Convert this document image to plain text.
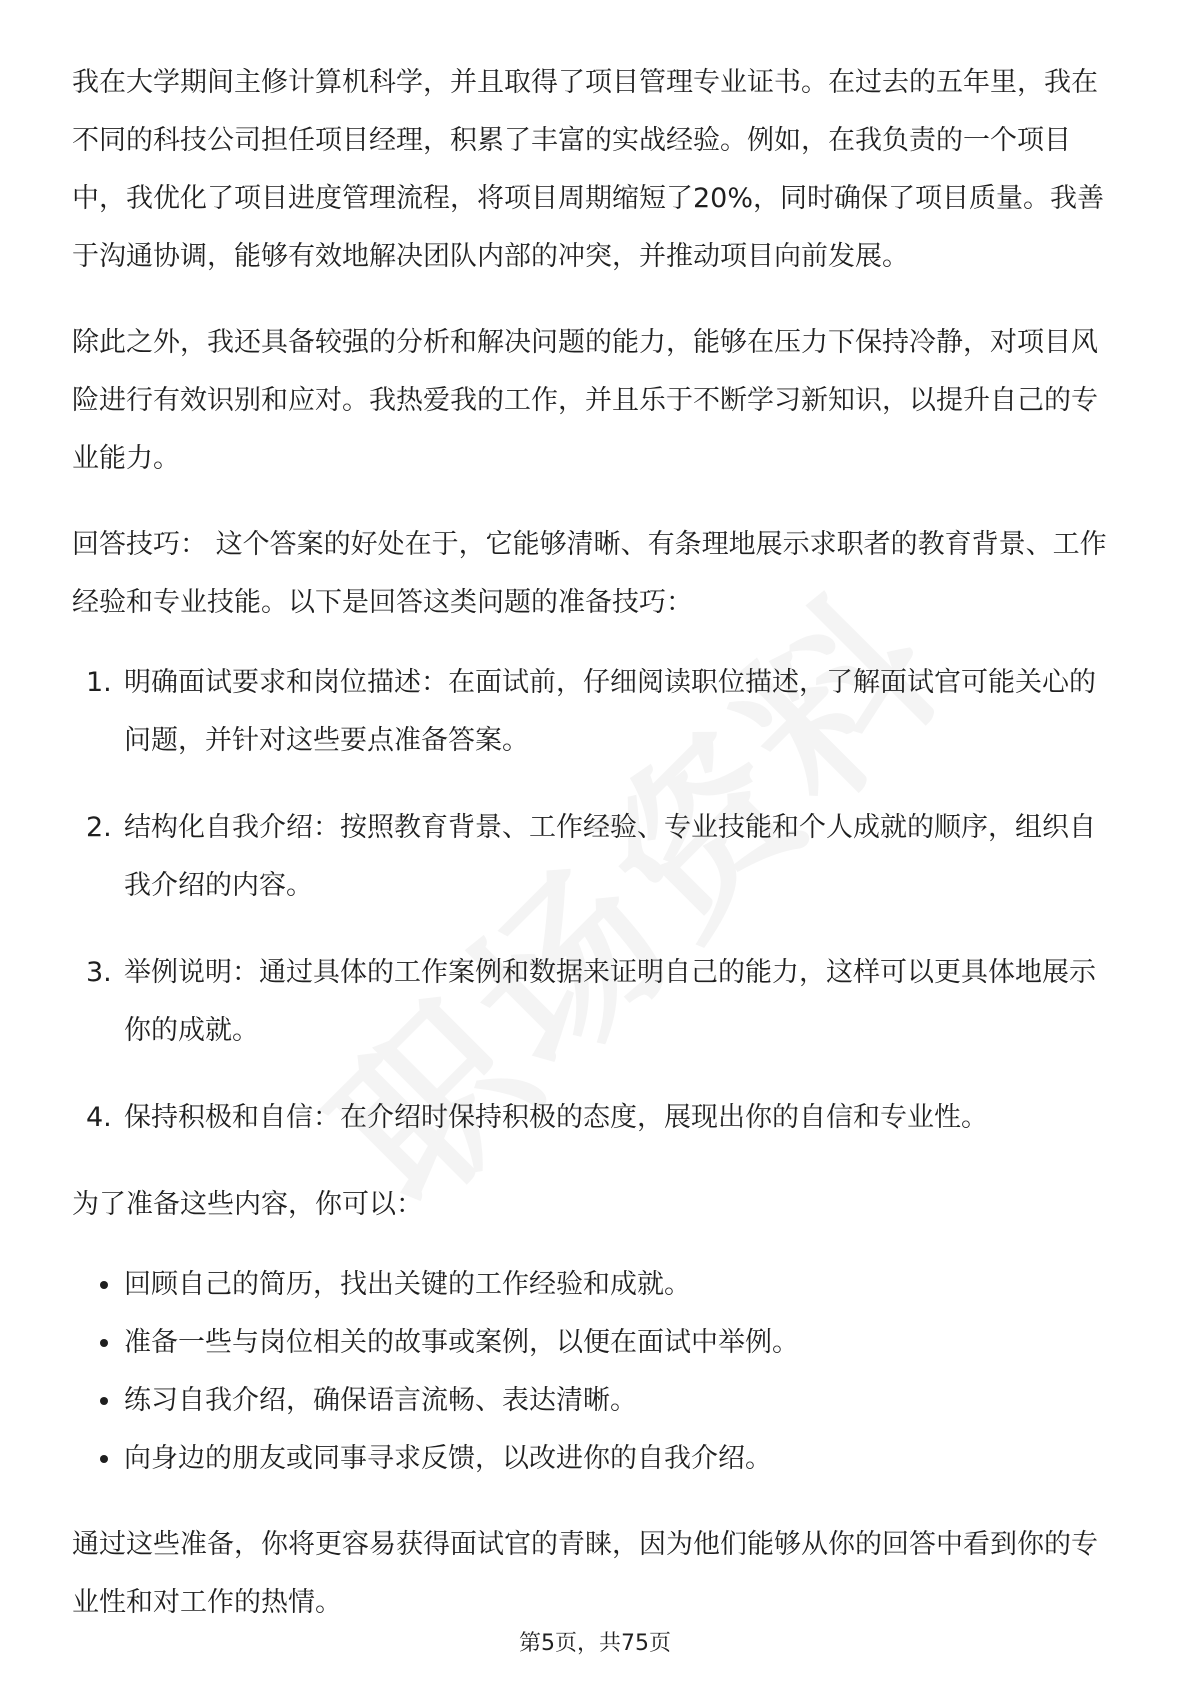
我在大学期间主修计算机科学，并且取得了项目管理专业证书。在过去的五年里，我在不同的科技公司担任项目经理，积累了丰富的实战经验。例如，在我负责的一个项目中，我优化了项目进度管理流程，将项目周期缩短了20%，同时确保了项目质量。我善于沟通协调，能够有效地解决团队内部的冲突，并推动项目向前发展。

除此之外，我还具备较强的分析和解决问题的能力，能够在压力下保持冷静，对项目风险进行有效识别和应对。我热爱我的工作，并且乐于不断学习新知识，以提升自己的专业能力。

回答技巧： 这个答案的好处在于，它能够清晰、有条理地展示求职者的教育背景、工作经验和专业技能。以下是回答这类问题的准备技巧：

1. 明确面试要求和岗位描述：在面试前，仔细阅读职位描述，了解面试官可能关心的问题，并针对这些要点准备答案。
2. 结构化自我介绍：按照教育背景、工作经验、专业技能和个人成就的顺序，组织自我介绍的内容。
3. 举例说明：通过具体的工作案例和数据来证明自己的能力，这样可以更具体地展示你的成就。
4. 保持积极和自信：在介绍时保持积极的态度，展现出你的自信和专业性。

为了准备这些内容，你可以：

回顾自己的简历，找出关键的工作经验和成就。
准备一些与岗位相关的故事或案例，以便在面试中举例。
练习自我介绍，确保语言流畅、表达清晰。
向身边的朋友或同事寻求反馈，以改进你的自我介绍。

通过这些准备，你将更容易获得面试官的青睐，因为他们能够从你的回答中看到你的专业性和对工作的热情。

第5页，共75页
